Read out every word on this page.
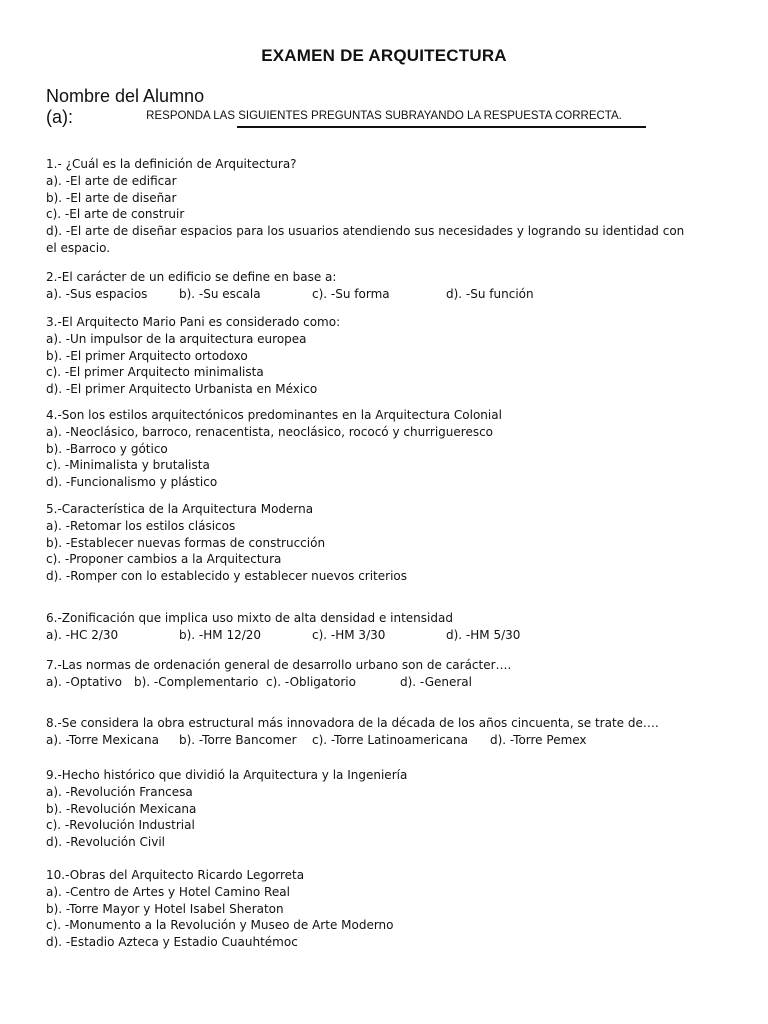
EXAMEN DE ARQUITECTURA
Nombre del Alumno (a):	RESPONDA LAS SIGUIENTES PREGUNTAS SUBRAYANDO LA RESPUESTA CORRECTA.
1.- ¿Cuál es la definición de Arquitectura?
a). -El arte de edificar
b). -El arte de diseñar
c). -El arte de construir
d). -El arte de diseñar espacios para los usuarios atendiendo sus necesidades y logrando su identidad con el espacio.
2.-El carácter de un edificio se define en base a:
a). -Sus espacios	b). -Su escala	c). -Su forma	d). -Su función
3.-El Arquitecto Mario Pani es considerado como:
a). -Un impulsor de la arquitectura europea
b). -El primer Arquitecto ortodoxo
c). -El primer Arquitecto minimalista
d). -El primer Arquitecto Urbanista en México
4.-Son los estilos arquitectónicos predominantes en la Arquitectura Colonial
a). -Neoclásico, barroco, renacentista, neoclásico, rococó y churrigueresco
b). -Barroco y gótico
c). -Minimalista y brutalista
d). -Funcionalismo y plástico
5.-Característica de la Arquitectura Moderna
a). -Retomar los estilos clásicos
b). -Establecer nuevas formas de construcción
c). -Proponer cambios a la Arquitectura
d). -Romper con lo establecido y establecer nuevos criterios
6.-Zonificación que implica uso mixto de alta densidad e intensidad
a). -HC 2/30	b). -HM 12/20	c). -HM 3/30	d). -HM 5/30
7.-Las normas de ordenación general de desarrollo urbano son de carácter….
a). -Optativo	b). -Complementario c). -Obligatorio	d). -General
8.-Se considera la obra estructural más innovadora de la década de los años cincuenta, se trate de….
a). -Torre Mexicana	b). -Torre Bancomer	c). -Torre Latinoamericana	d). -Torre Pemex
9.-Hecho histórico que dividió la Arquitectura y la Ingeniería
a). -Revolución Francesa
b). -Revolución Mexicana
c). -Revolución Industrial
d). -Revolución Civil
10.-Obras del Arquitecto Ricardo Legorreta
a). -Centro de Artes y Hotel Camino Real
b). -Torre Mayor y Hotel Isabel Sheraton
c). -Monumento a la Revolución y Museo de Arte Moderno
d). -Estadio Azteca y Estadio Cuauhtémoc
